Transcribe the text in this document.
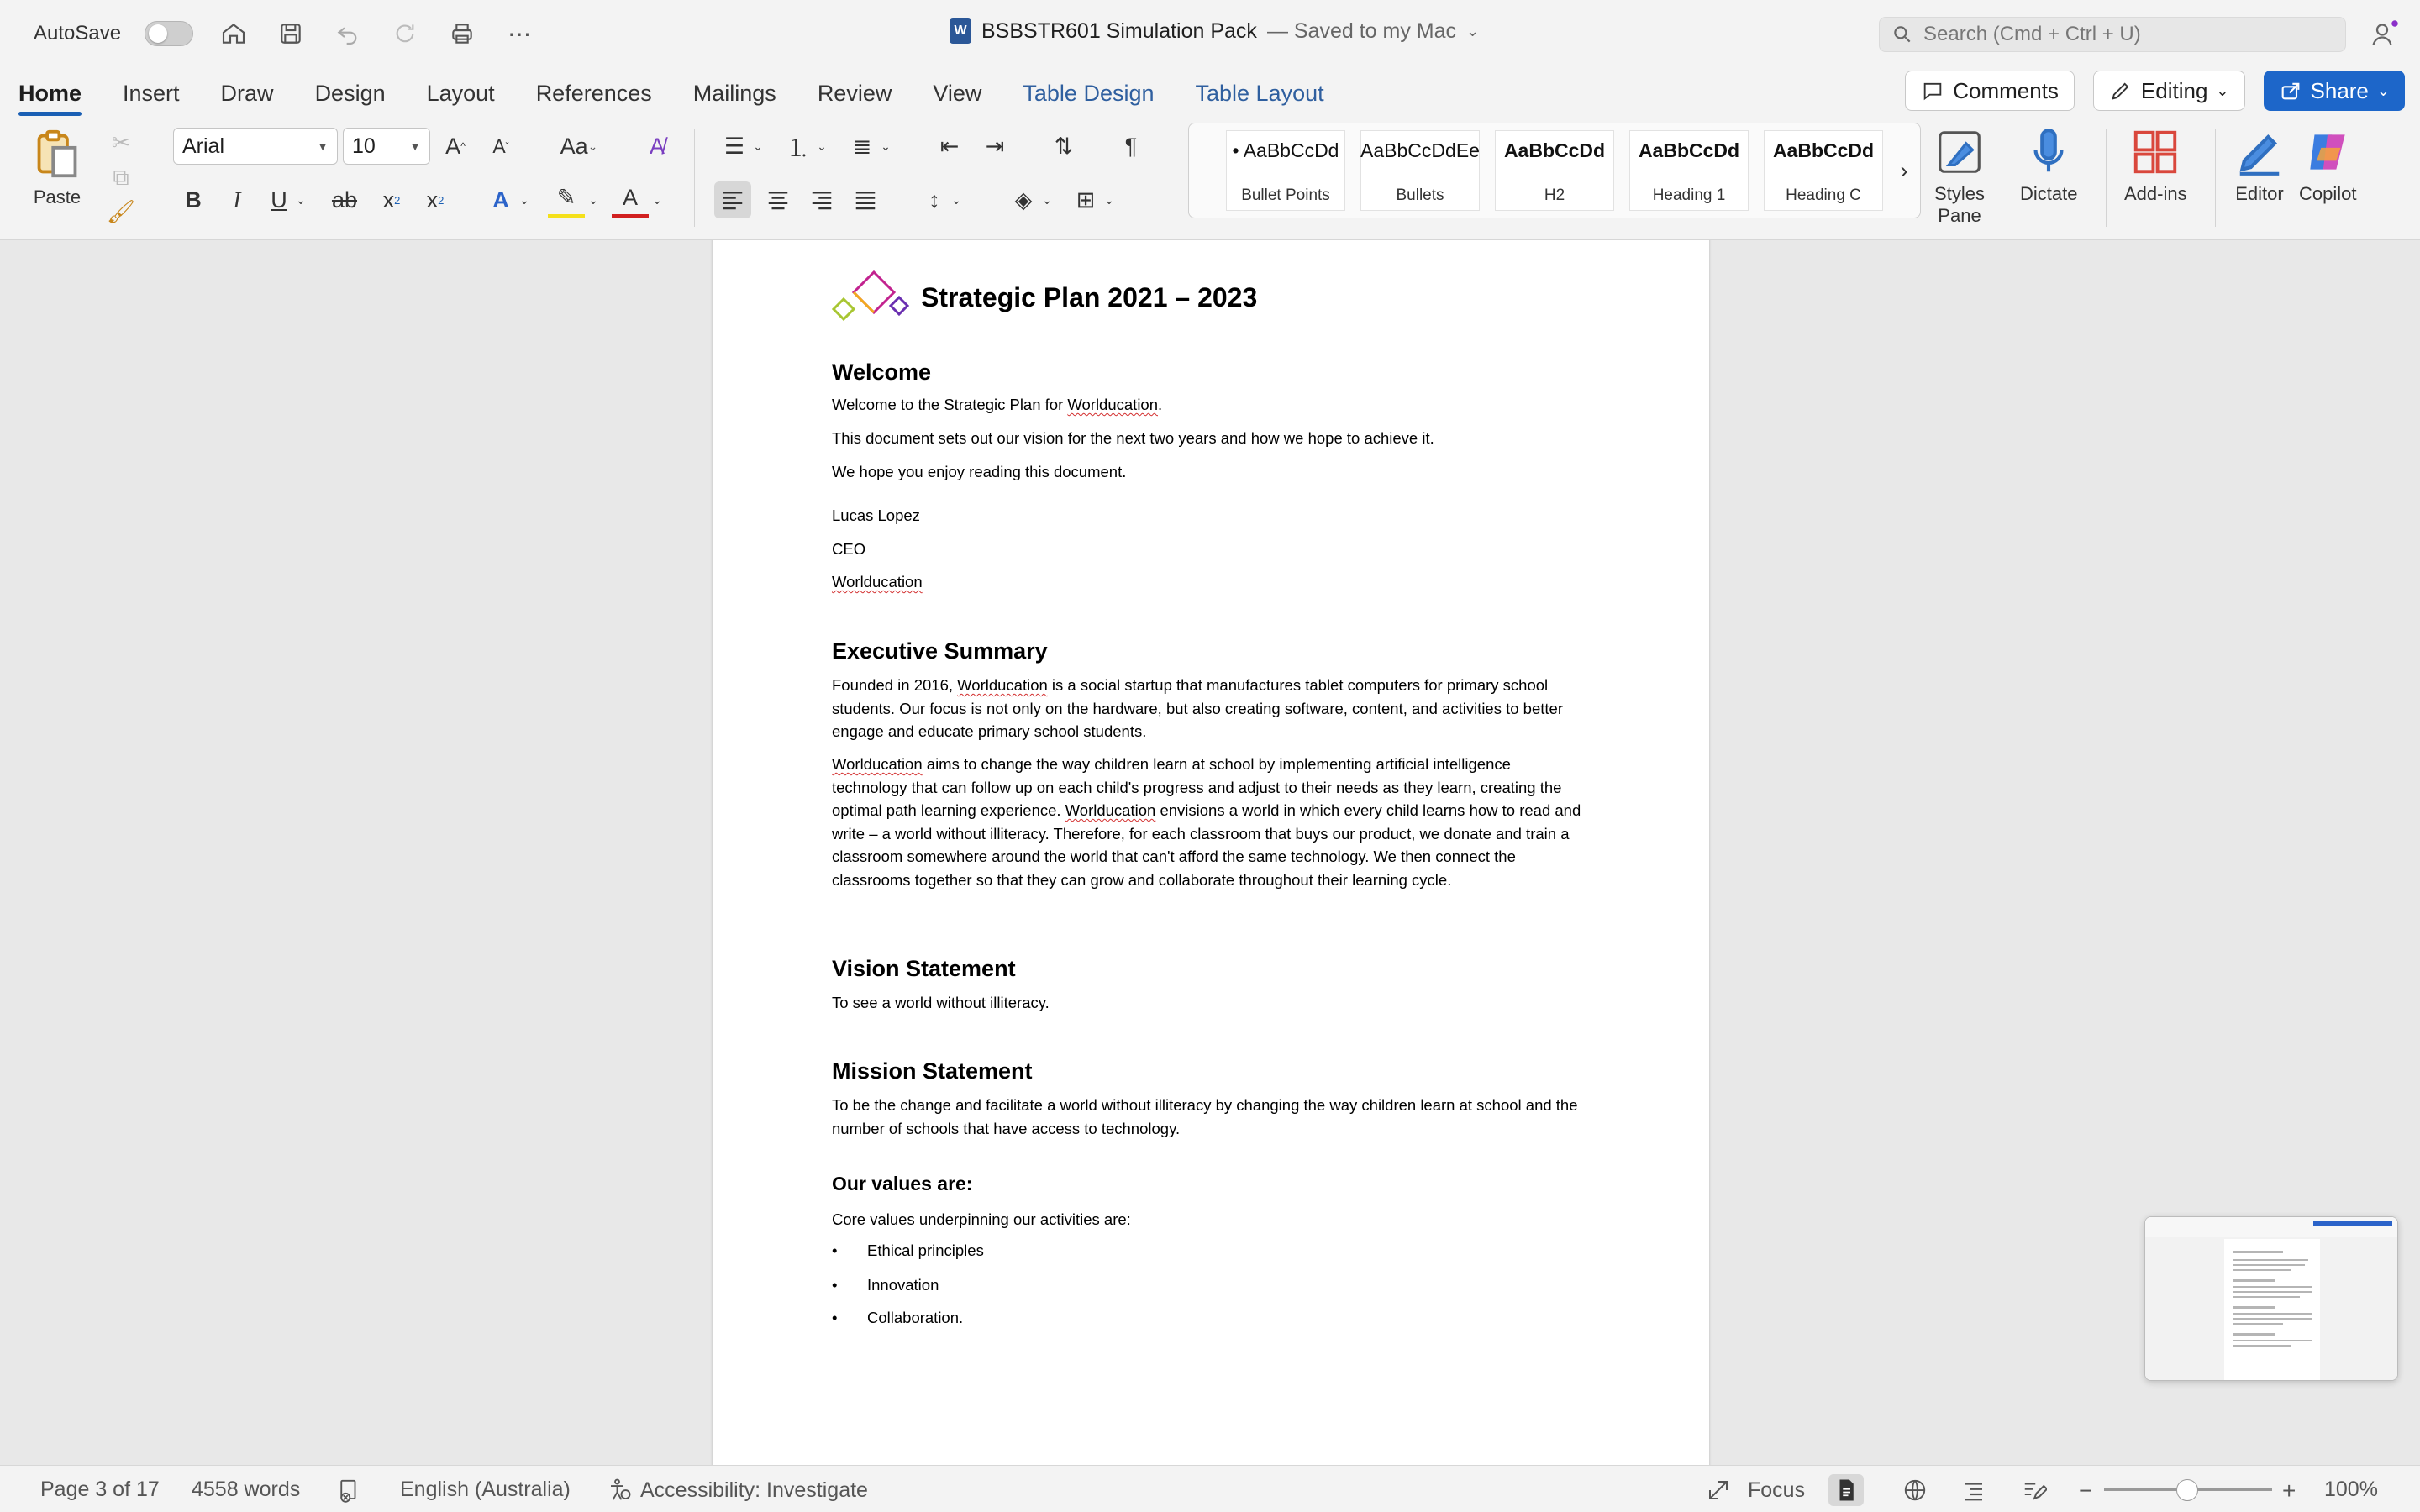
AutoSave	⋯	W BSBSTR601 Simulation Pack — Saved to my Mac ⌄	Search (Cmd + Ctrl + U)
Home	Insert	Draw	Design	Layout	References	Mailings	Review	View	Table Design	Table Layout	Comments	Editing ⌄	Share ⌄
Paste
✂
⧉
🖌
Arial	▼ 10	▼	A ^	A ˇ	Aa ⌄	A̸
B	I	U ⌄ ab	x 2	x 2	A ⌄	✎	⌄	A	⌄
☰ ⌄	⒈ ⌄	≣ ⌄	⇤	⇥	⇅	¶
↕ ⌄	◈ ⌄	⊞ ⌄
• AaBbCcDd
Bullet Points
AaBbCcDdEe
Bullets
AaBbCcDd
H2
AaBbCcDd
Heading 1
AaBbCcDd
Heading C
›
Styles Pane
Dictate	Add-ins	Editor Copilot
Strategic Plan 2021 – 2023
Welcome
Welcome to the Strategic Plan for Worlducation.
This document sets out our vision for the next two years and how we hope to achieve it.
We hope you enjoy reading this document.
Lucas Lopez
CEO
Worlducation
Executive Summary
Founded in 2016, Worlducation is a social startup that manufactures tablet computers for primary school students. Our focus is not only on the hardware, but also creating software, content, and activities to better engage and educate primary school students.
Worlducation aims to change the way children learn at school by implementing artificial intelligence technology that can follow up on each child's progress and adjust to their needs as they learn, creating the optimal path learning experience. Worlducation envisions a world in which every child learns how to read and write – a world without illiteracy. Therefore, for each classroom that buys our product, we donate and train a classroom somewhere around the world that can't afford the same technology. We then connect the classrooms together so that they can grow and collaborate throughout their learning cycle.
Vision Statement
To see a world without illiteracy.
Mission Statement
To be the change and facilitate a world without illiteracy by changing the way children learn at school and the number of schools that have access to technology.
Our values are:
Core values underpinning our activities are:
•	Ethical principles
•	Innovation
•	Collaboration.
Page 3 of 17 4558 words	English (Australia)	Accessibility: Investigate	Focus	−	+ 100%
